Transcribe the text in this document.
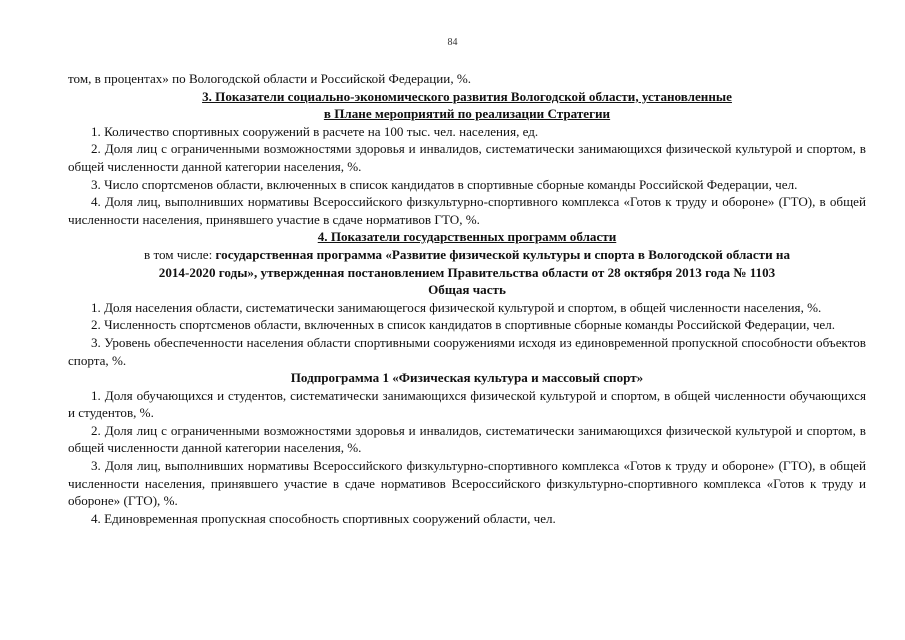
84
том, в процентах» по Вологодской области и Российской Федерации, %.
3. Показатели социально-экономического развития Вологодской области, установленные
в Плане мероприятий по реализации Стратегии

1. Количество спортивных сооружений в расчете на 100 тыс. чел. населения, ед.

2. Доля лиц с ограниченными возможностями здоровья и инвалидов, систематически занимающихся физической культурой и спортом, в общей численности данной категории населения, %.

3. Число спортсменов области, включенных в список кандидатов в спортивные сборные команды Российской Федерации, чел.

4. Доля лиц, выполнивших нормативы Всероссийского физкультурно-спортивного комплекса «Готов к труду и обороне» (ГТО), в общей численности населения, принявшего участие в сдаче нормативов ГТО, %.

4. Показатели государственных программ области
в том числе: государственная программа «Развитие физической культуры и спорта в Вологодской области на
2014-2020 годы», утвержденная постановлением Правительства области от 28 октября 2013 года № 1103
Общая часть

1. Доля населения области, систематически занимающегося физической культурой и спортом, в общей численности населения, %.

2. Численность спортсменов области, включенных в список кандидатов в спортивные сборные команды Российской Федерации, чел.

3. Уровень обеспеченности населения области спортивными сооружениями исходя из единовременной пропускной способности объектов спорта, %.

Подпрограмма 1 «Физическая культура и массовый спорт»

1. Доля обучающихся и студентов, систематически занимающихся физической культурой и спортом, в общей численности обучающихся и студентов, %.

2. Доля лиц с ограниченными возможностями здоровья и инвалидов, систематически занимающихся физической культурой и спортом, в общей численности данной категории населения, %.

3. Доля лиц, выполнивших нормативы Всероссийского физкультурно-спортивного комплекса «Готов к труду и обороне» (ГТО), в общей численности населения, принявшего участие в сдаче нормативов Всероссийского физкультурно-спортивного комплекса «Готов к труду и обороне» (ГТО), %.

4. Единовременная пропускная способность спортивных сооружений области, чел.
